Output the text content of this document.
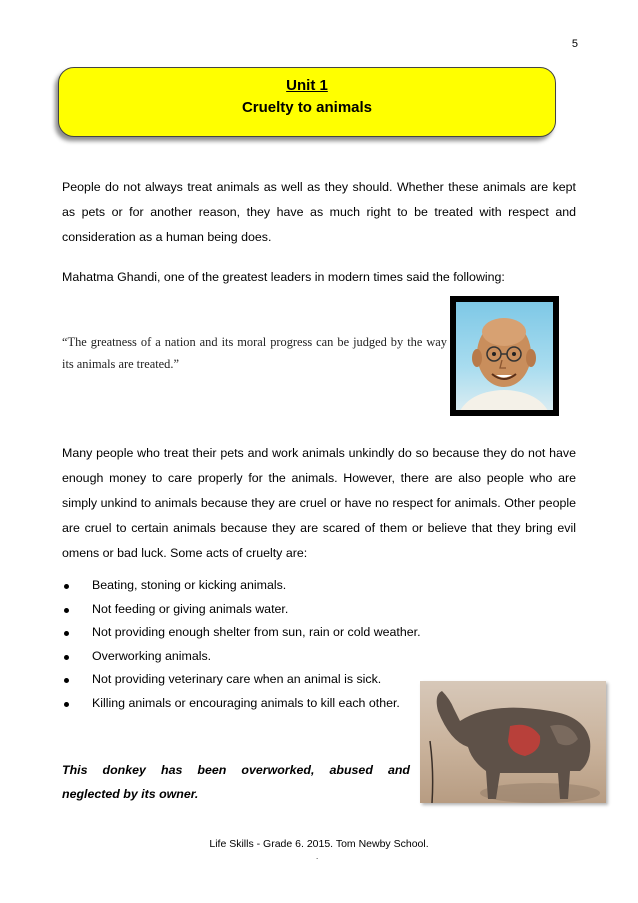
5
Unit 1
Cruelty to animals
People do not always treat animals as well as they should. Whether these animals are kept as pets or for another reason, they have as much right to be treated with respect and consideration as a human being does.
Mahatma Ghandi, one of the greatest leaders in modern times said the following:
“The greatness of a nation and its moral progress can be judged by the way its animals are treated.”
Many people who treat their pets and work animals unkindly do so because they do not have enough money to care properly for the animals. However, there are also people who are simply unkind to animals because they are cruel or have no respect for animals. Other people are cruel to certain animals because they are scared of them or believe that they bring evil omens or bad luck. Some acts of cruelty are:
Beating, stoning or kicking animals.
Not feeding or giving animals water.
Not providing enough shelter from sun, rain or cold weather.
Overworking animals.
Not providing veterinary care when an animal is sick.
Killing animals or encouraging animals to kill each other.
This donkey has been overworked, abused and
neglected by its owner.
Life Skills - Grade 6. 2015. Tom Newby School.
.
